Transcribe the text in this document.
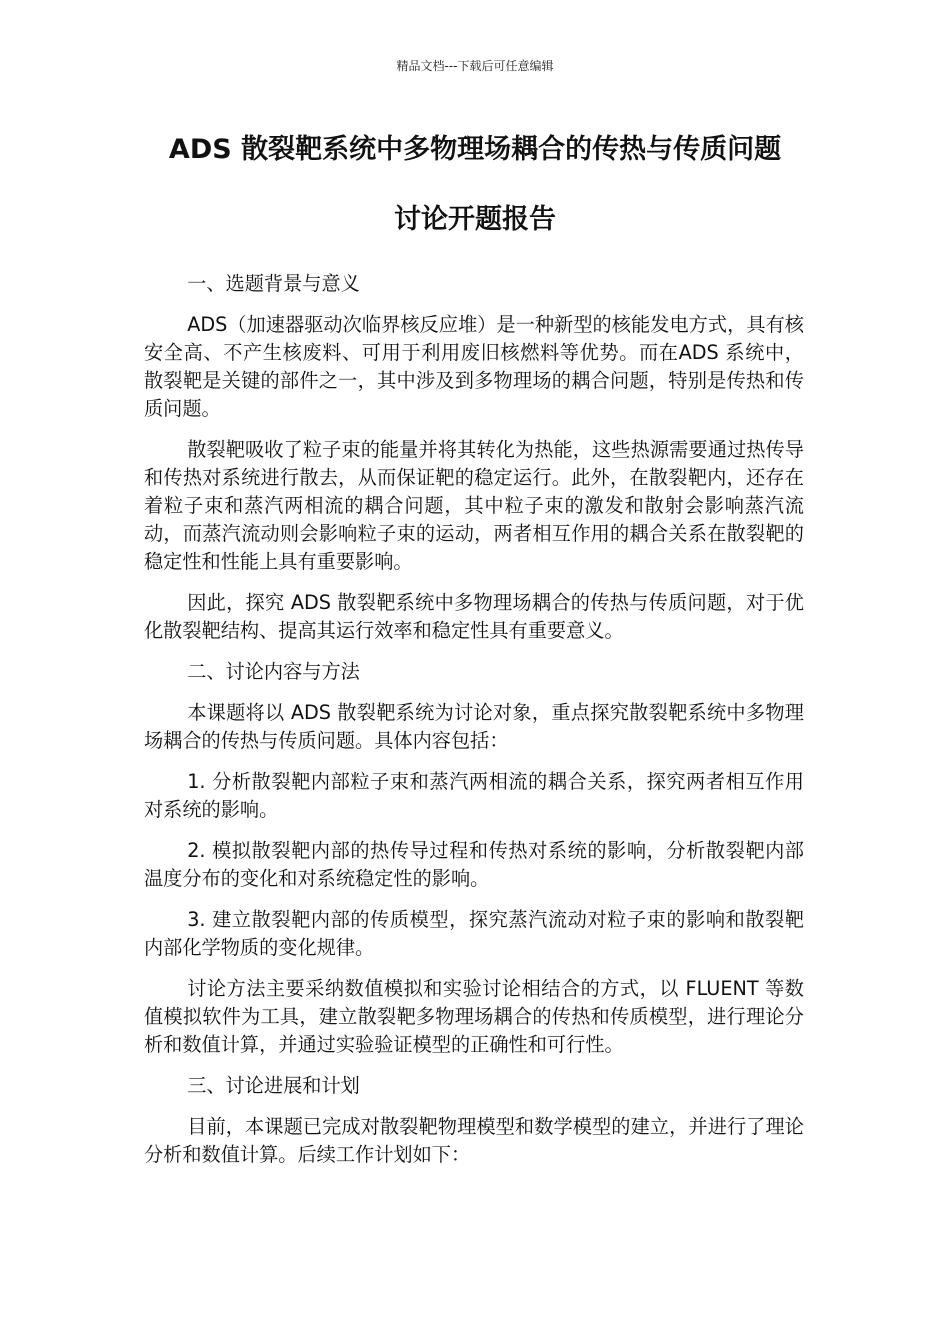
精品文档---下载后可任意编辑

ADS 散裂靶系统中多物理场耦合的传热与传质问题

讨论开题报告

一、选题背景与意义

ADS（加速器驱动次临界核反应堆）是一种新型的核能发电方式，具有核安全高、不产生核废料、可用于利用废旧核燃料等优势。而在ADS 系统中，散裂靶是关键的部件之一，其中涉及到多物理场的耦合问题，特别是传热和传质问题。

散裂靶吸收了粒子束的能量并将其转化为热能，这些热源需要通过热传导和传热对系统进行散去，从而保证靶的稳定运行。此外，在散裂靶内，还存在着粒子束和蒸汽两相流的耦合问题，其中粒子束的激发和散射会影响蒸汽流动，而蒸汽流动则会影响粒子束的运动，两者相互作用的耦合关系在散裂靶的稳定性和性能上具有重要影响。

因此，探究 ADS 散裂靶系统中多物理场耦合的传热与传质问题，对于优化散裂靶结构、提高其运行效率和稳定性具有重要意义。

二、讨论内容与方法

本课题将以 ADS 散裂靶系统为讨论对象，重点探究散裂靶系统中多物理场耦合的传热与传质问题。具体内容包括：

1. 分析散裂靶内部粒子束和蒸汽两相流的耦合关系，探究两者相互作用对系统的影响。

2. 模拟散裂靶内部的热传导过程和传热对系统的影响，分析散裂靶内部温度分布的变化和对系统稳定性的影响。

3. 建立散裂靶内部的传质模型，探究蒸汽流动对粒子束的影响和散裂靶内部化学物质的变化规律。

讨论方法主要采纳数值模拟和实验讨论相结合的方式，以 FLUENT 等数值模拟软件为工具，建立散裂靶多物理场耦合的传热和传质模型，进行理论分析和数值计算，并通过实验验证模型的正确性和可行性。

三、讨论进展和计划

目前，本课题已完成对散裂靶物理模型和数学模型的建立，并进行了理论分析和数值计算。后续工作计划如下：
